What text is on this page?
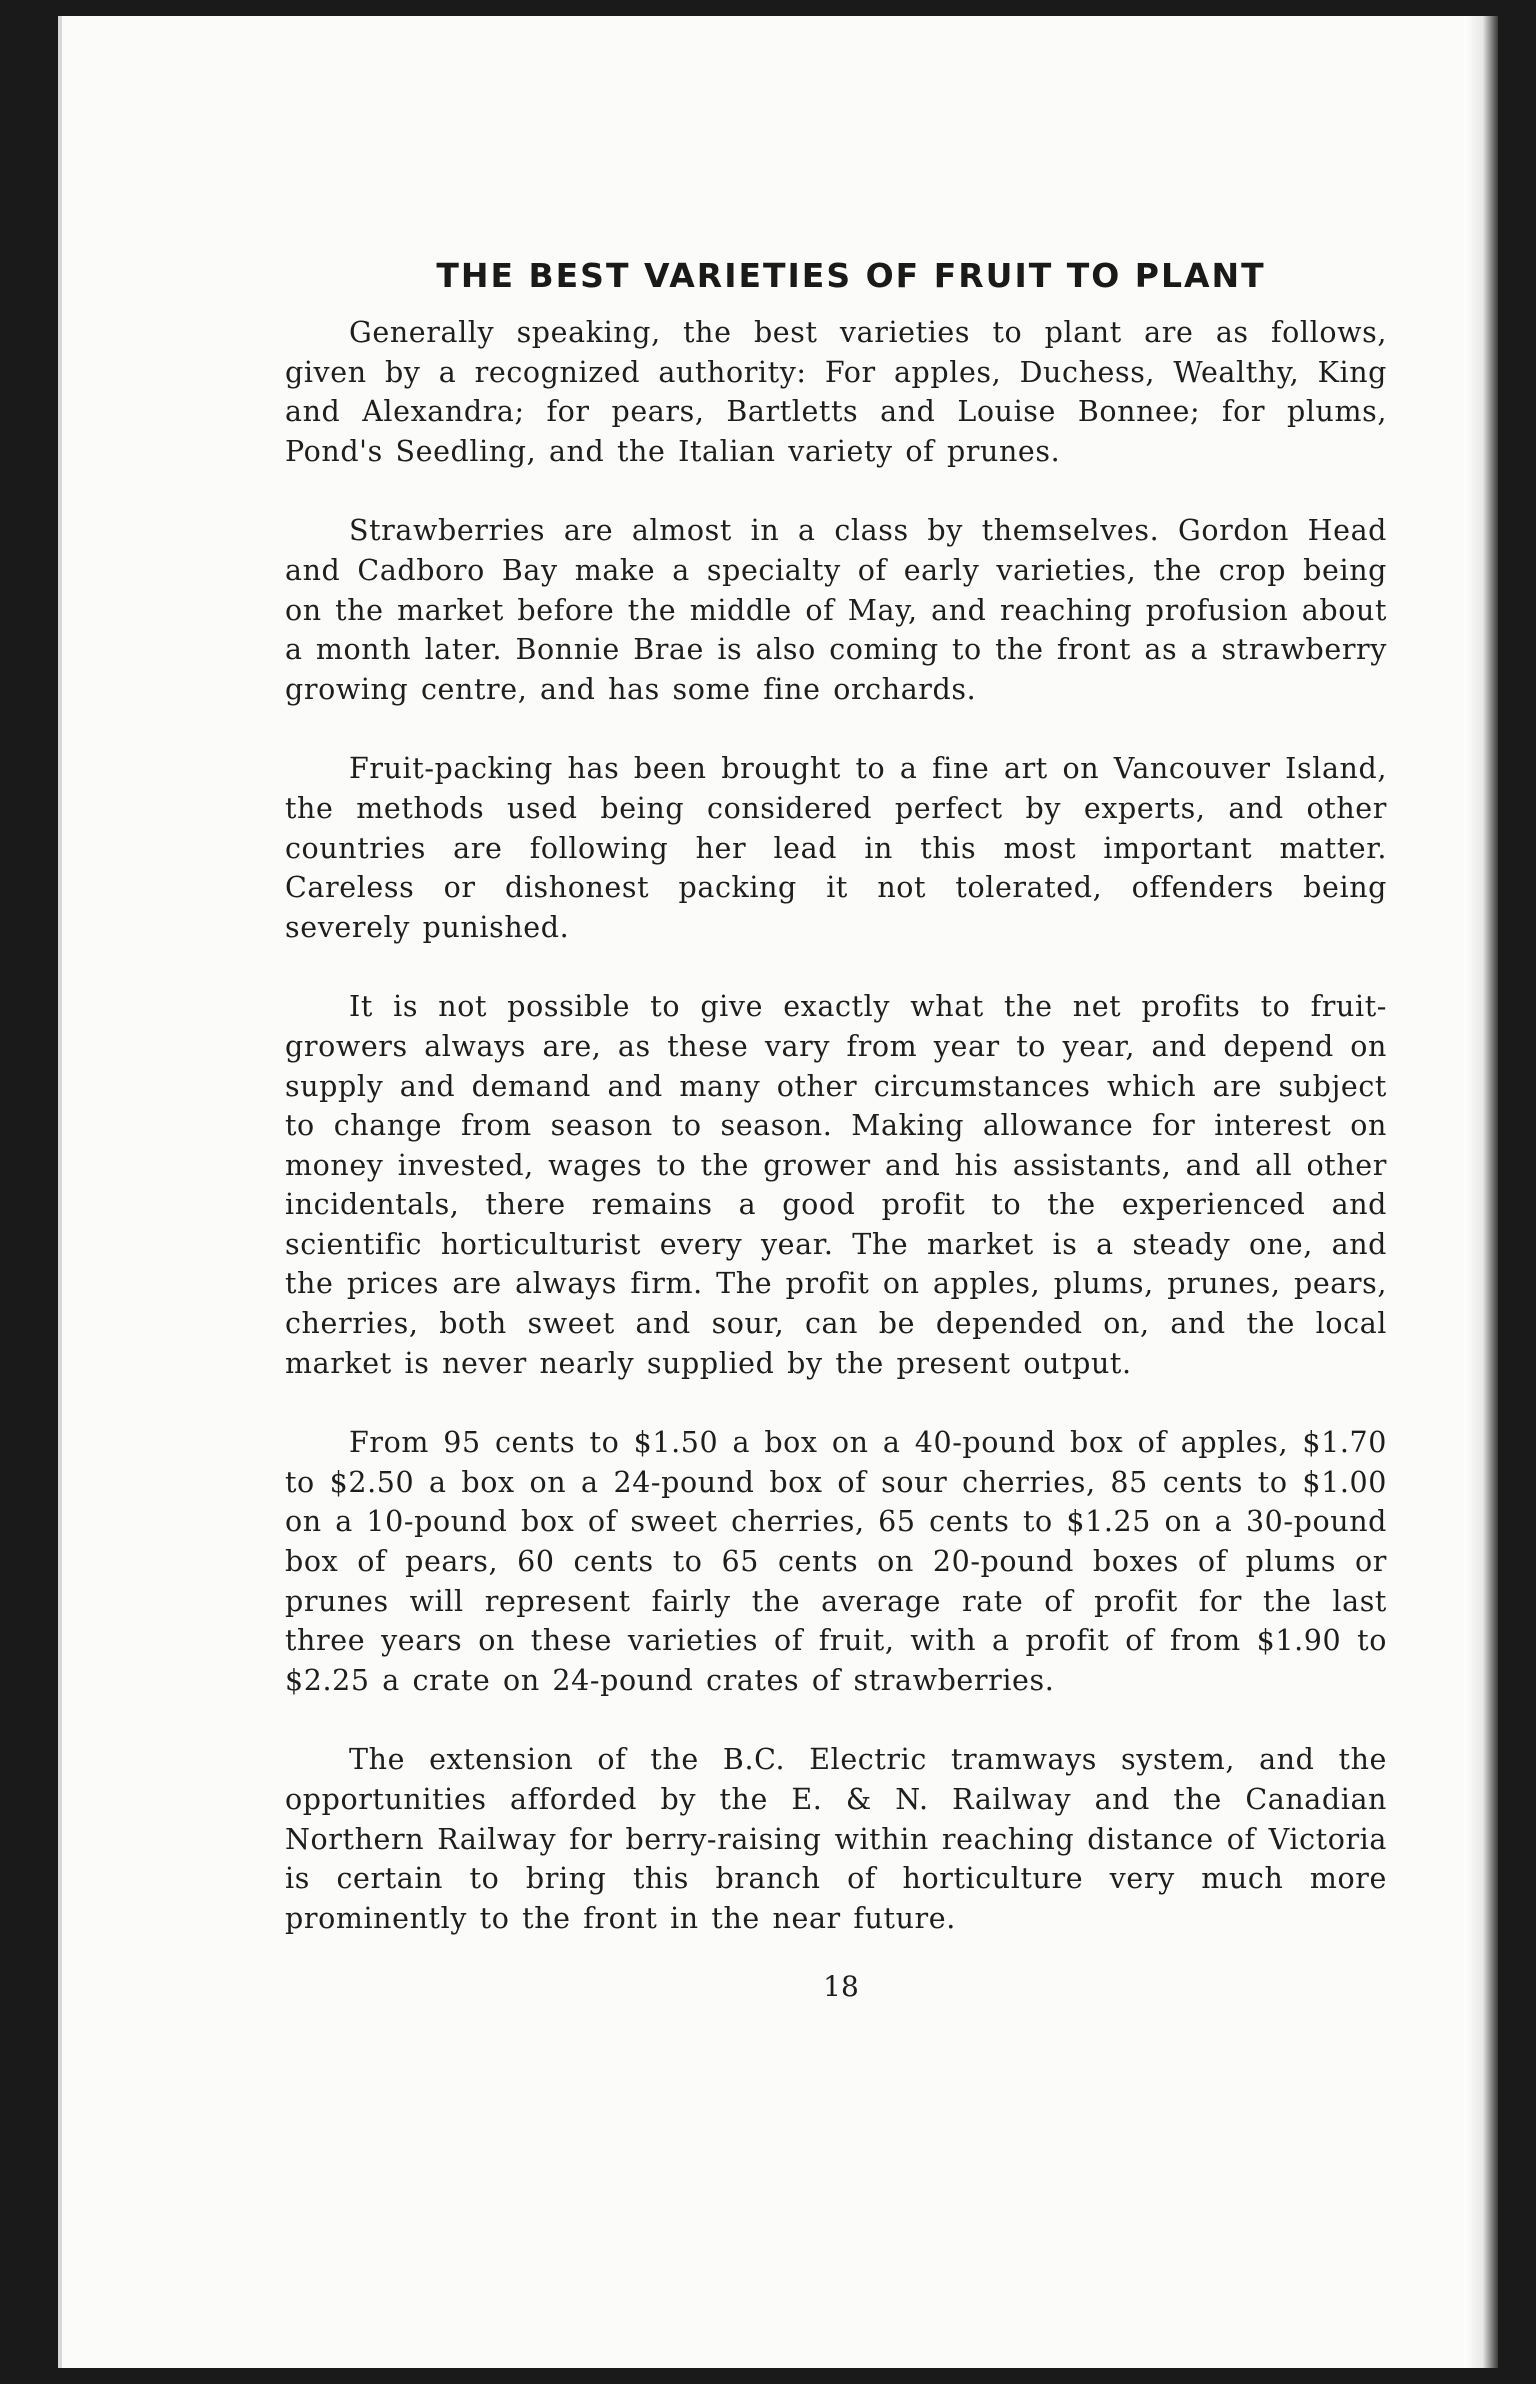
THE BEST VARIETIES OF FRUIT TO PLANT

Generally speaking, the best varieties to plant are as follows, given by a recognized authority: For apples, Duchess, Wealthy, King and Alexandra; for pears, Bartletts and Louise Bonnee; for plums, Pond's Seedling, and the Italian variety of prunes.

Strawberries are almost in a class by themselves. Gordon Head and Cadboro Bay make a specialty of early varieties, the crop being on the market before the middle of May, and reaching profusion about a month later. Bonnie Brae is also coming to the front as a strawberry growing centre, and has some fine orchards.

Fruit-packing has been brought to a fine art on Vancouver Island, the methods used being considered perfect by experts, and other countries are following her lead in this most important matter. Careless or dishonest packing it not tolerated, offenders being severely punished.

It is not possible to give exactly what the net profits to fruit-growers always are, as these vary from year to year, and depend on supply and demand and many other circumstances which are subject to change from season to season. Making allowance for interest on money invested, wages to the grower and his assistants, and all other incidentals, there remains a good profit to the experienced and scientific horticulturist every year. The market is a steady one, and the prices are always firm. The profit on apples, plums, prunes, pears, cherries, both sweet and sour, can be depended on, and the local market is never nearly supplied by the present output.

From 95 cents to $1.50 a box on a 40-pound box of apples, $1.70 to $2.50 a box on a 24-pound box of sour cherries, 85 cents to $1.00 on a 10-pound box of sweet cherries, 65 cents to $1.25 on a 30-pound box of pears, 60 cents to 65 cents on 20-pound boxes of plums or prunes will represent fairly the average rate of profit for the last three years on these varieties of fruit, with a profit of from $1.90 to $2.25 a crate on 24-pound crates of strawberries.

The extension of the B.C. Electric tramways system, and the opportunities afforded by the E. & N. Railway and the Canadian Northern Railway for berry-raising within reaching distance of Victoria is certain to bring this branch of horticulture very much more prominently to the front in the near future.

18
